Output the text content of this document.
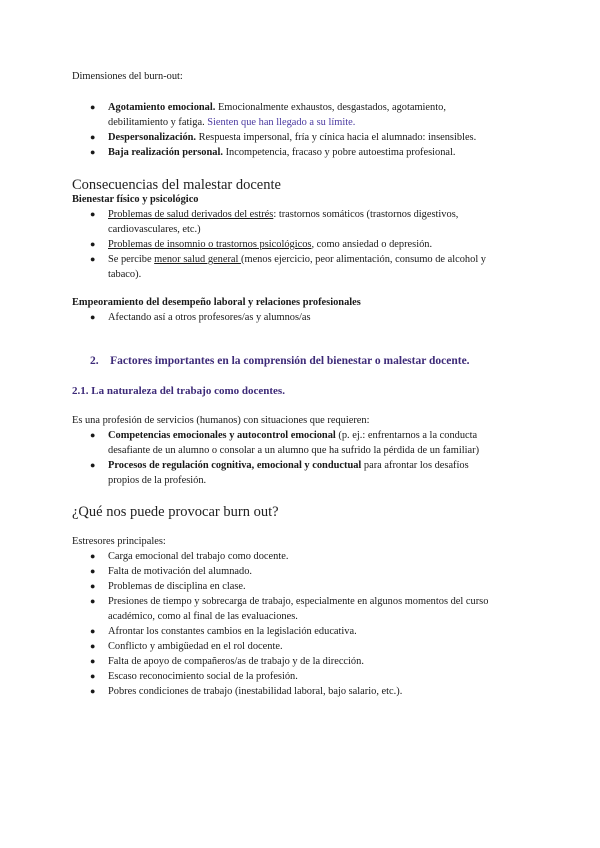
Dimensiones del burn-out:
● Agotamiento emocional. Emocionalmente exhaustos, desgastados, agotamiento,
debilitamiento y fatiga. Sienten que han llegado a su límite.
● Despersonalización. Respuesta impersonal, fría y cínica hacia el alumnado: insensibles.
● Baja realización personal. Incompetencia, fracaso y pobre autoestima profesional.
Consecuencias del malestar docente
Bienestar físico y psicológico
● Problemas de salud derivados del estrés: trastornos somáticos (trastornos digestivos,
cardiovasculares, etc.)
● Problemas de insomnio o trastornos psicológicos, como ansiedad o depresión.
● Se percibe menor salud general (menos ejercicio, peor alimentación, consumo de alcohol y
tabaco).
Empeoramiento del desempeño laboral y relaciones profesionales
● Afectando así a otros profesores/as y alumnos/as
2. Factores importantes en la comprensión del bienestar o malestar docente.
2.1. La naturaleza del trabajo como docentes.
Es una profesión de servicios (humanos) con situaciones que requieren:
● Competencias emocionales y autocontrol emocional (p. ej.: enfrentarnos a la conducta
desafiante de un alumno o consolar a un alumno que ha sufrido la pérdida de un familiar)
● Procesos de regulación cognitiva, emocional y conductual para afrontar los desafíos
propios de la profesión.
¿Qué nos puede provocar burn out?
Estresores principales:
● Carga emocional del trabajo como docente.
● Falta de motivación del alumnado.
● Problemas de disciplina en clase.
● Presiones de tiempo y sobrecarga de trabajo, especialmente en algunos momentos del curso
académico, como al final de las evaluaciones.
● Afrontar los constantes cambios en la legislación educativa.
● Conflicto y ambigüedad en el rol docente.
● Falta de apoyo de compañeros/as de trabajo y de la dirección.
● Escaso reconocimiento social de la profesión.
● Pobres condiciones de trabajo (inestabilidad laboral, bajo salario, etc.).
